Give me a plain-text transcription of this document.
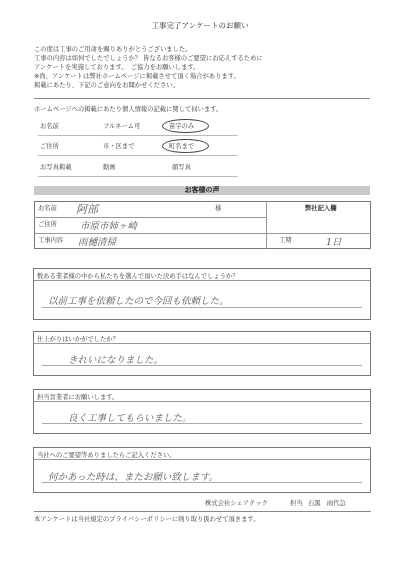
工事完了アンケートのお願い
この度は工事のご用命を賜りありがとうございました。
工事の内容は如何でしたでしょうか？ 皆なるお客様のご要望にお応えするために
アンケートを実施しております。　ご協力をお願いします。
※尚、アンケートは弊社ホームページに掲載させて頂く場合があります。
掲載にあたり、下記のご意向をお聞かせください。
ホームページへの掲載にあたり個人情報の記載に関して伺います。
お名前	フルネーム可	苗字のみ
ご住所	市・区まで	町名まで
お写真掲載	動画	顔写真
お客様の声
お名前 阿部	様	弊社記入欄
ご住所 市原市姉ヶ崎
工事内容 雨樋清掃	工期	1日
数ある業者様の中から私たちを選んで頂いた決め手はなんでしょうか？
以前工事を依頼したので今回も依頼した。
仕上がりはいかがでしたか？
きれいになりました。
担当営業者にお願いします。
良く工事してもらいました。
当社へのご要望等ありましたらご記入ください。
何かあった時は、またお願い致します。
株式会社シェアテック	担当 石黒　雨代急
本アンケートは当社規定のプライバシーポリシーに則り取り扱わせて頂きます。
